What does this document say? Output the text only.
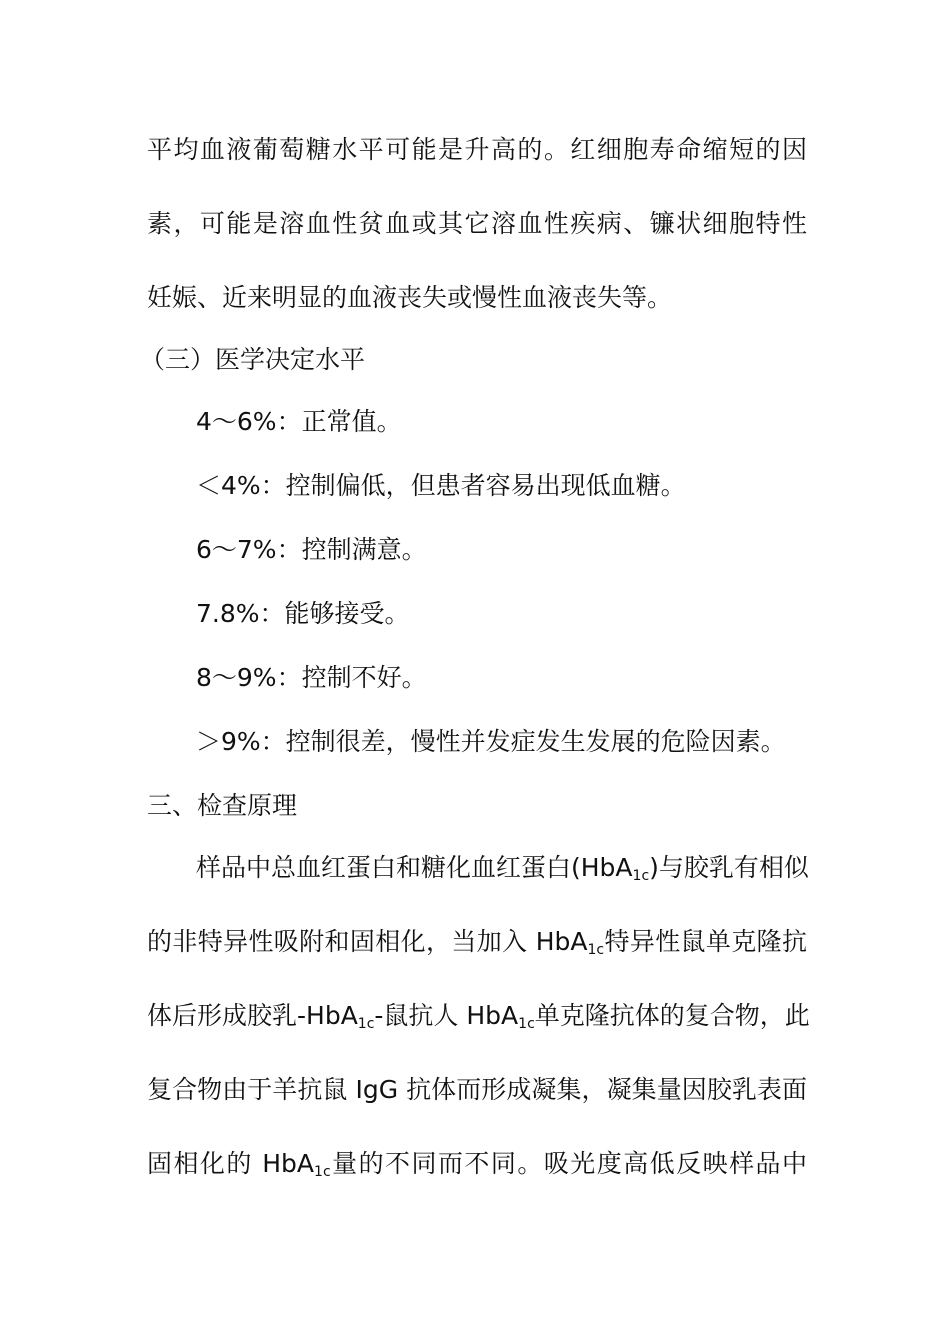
平均血液葡萄糖水平可能是升高的。红细胞寿命缩短的因
素，可能是溶血性贫血或其它溶血性疾病、镰状细胞特性
妊娠、近来明显的血液丧失或慢性血液丧失等。
（三）医学决定水平
4～6%：正常值。
＜4%：控制偏低，但患者容易出现低血糖。
6～7%：控制满意。
7.8%：能够接受。
8～9%：控制不好。
＞9%：控制很差，慢性并发症发生发展的危险因素。
三、检查原理
样品中总血红蛋白和糖化血红蛋白(HbA1c)与胶乳有相似
的非特异性吸附和固相化，当加入 HbA1c特异性鼠单克隆抗
体后形成胶乳-HbA1c-鼠抗人 HbA1c单克隆抗体的复合物，此
复合物由于羊抗鼠 IgG 抗体而形成凝集，凝集量因胶乳表面
固相化的 HbA1c量的不同而不同。吸光度高低反映样品中
